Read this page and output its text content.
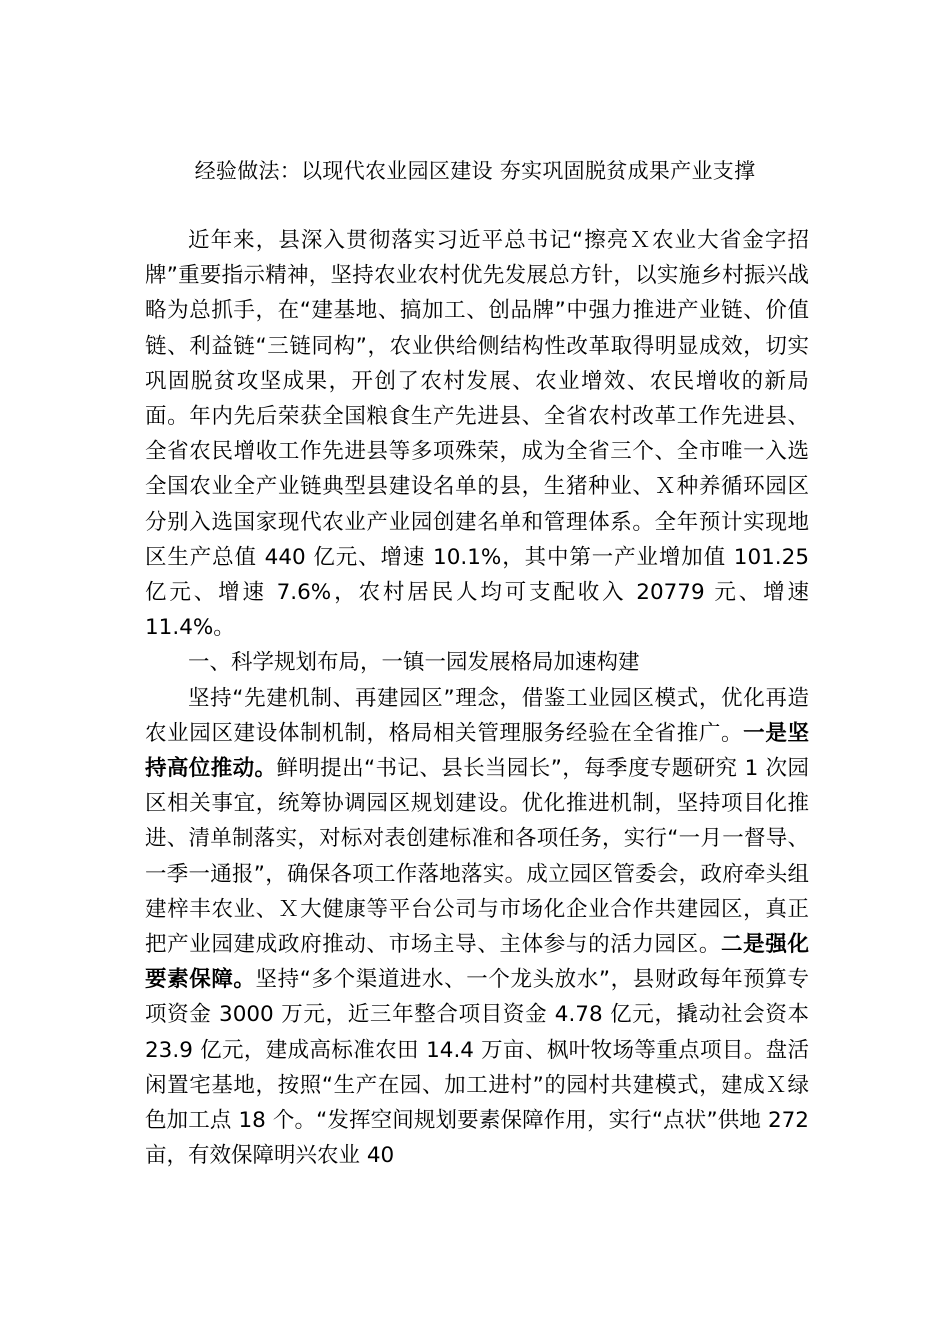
经验做法：以现代农业园区建设 夯实巩固脱贫成果产业支撑

近年来，县深入贯彻落实习近平总书记“擦亮Ｘ农业大省金字招牌”重要指示精神，坚持农业农村优先发展总方针，以实施乡村振兴战略为总抓手，在“建基地、搞加工、创品牌”中强力推进产业链、价值链、利益链“三链同构”，农业供给侧结构性改革取得明显成效，切实巩固脱贫攻坚成果，开创了农村发展、农业增效、农民增收的新局面。年内先后荣获全国粮食生产先进县、全省农村改革工作先进县、全省农民增收工作先进县等多项殊荣，成为全省三个、全市唯一入选全国农业全产业链典型县建设名单的县，生猪种业、Ｘ种养循环园区分别入选国家现代农业产业园创建名单和管理体系。全年预计实现地区生产总值 440 亿元、增速 10.1%，其中第一产业增加值 101.25 亿元、增速 7.6%，农村居民人均可支配收入 20779 元、增速 11.4%。

一、科学规划布局，一镇一园发展格局加速构建

坚持“先建机制、再建园区”理念，借鉴工业园区模式，优化再造农业园区建设体制机制，格局相关管理服务经验在全省推广。一是坚持高位推动。鲜明提出“书记、县长当园长”，每季度专题研究 1 次园区相关事宜，统筹协调园区规划建设。优化推进机制，坚持项目化推进、清单制落实，对标对表创建标准和各项任务，实行“一月一督导、一季一通报”，确保各项工作落地落实。成立园区管委会，政府牵头组建梓丰农业、Ｘ大健康等平台公司与市场化企业合作共建园区，真正把产业园建成政府推动、市场主导、主体参与的活力园区。二是强化要素保障。坚持“多个渠道进水、一个龙头放水”，县财政每年预算专项资金 3000 万元，近三年整合项目资金 4.78 亿元，撬动社会资本 23.9 亿元，建成高标准农田 14.4 万亩、枫叶牧场等重点项目。盘活闲置宅基地，按照“生产在园、加工进村”的园村共建模式，建成Ｘ绿色加工点 18 个。“发挥空间规划要素保障作用，实行“点状”供地 272 亩，有效保障明兴农业 40
